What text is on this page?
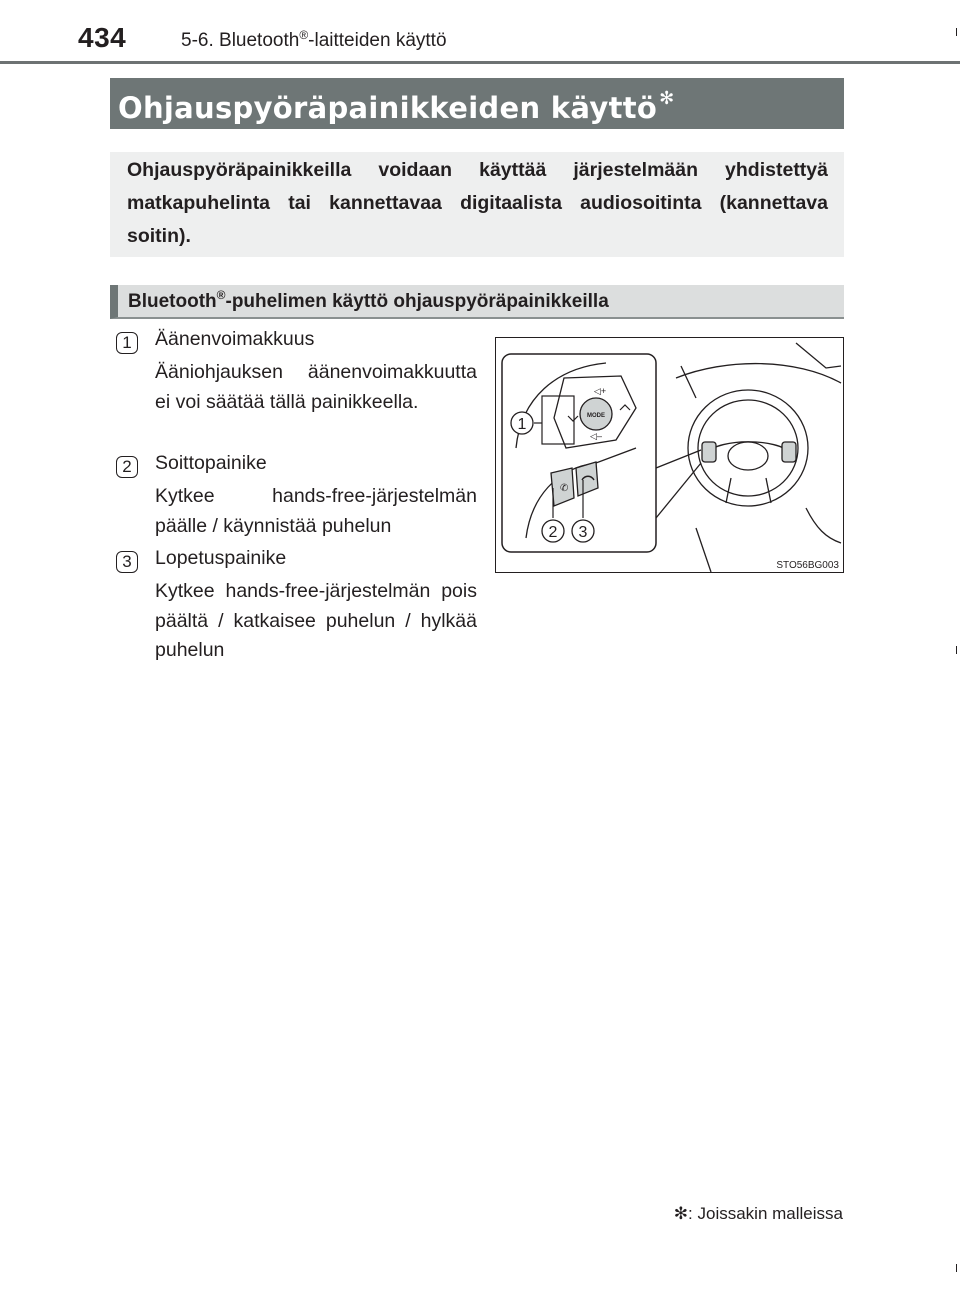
434	5-6. Bluetooth®-laitteiden käyttö
Ohjauspyöräpainikkeiden käyttö ✻
Ohjauspyöräpainikkeilla voidaan käyttää järjestelmään yhdistettyä matkapuhelinta tai kannettavaa digitaalista audiosoitinta (kannettava soitin).
Bluetooth®-puhelimen käyttö ohjauspyöräpainikkeilla
1	Äänenvoimakkuus
Ääniohjauksen äänenvoimakkuutta ei voi säätää tällä painikkeella.
2	Soittopainike
Kytkee hands-free-järjestelmän päälle / käynnistää puhelun
3	Lopetuspainike
Kytkee hands-free-järjestelmän pois päältä / katkaisee puhelun / hylkää puhelun
MODE
◁+
◁–
✆
1
2 3
STO56BG003
✻: Joissakin malleissa
